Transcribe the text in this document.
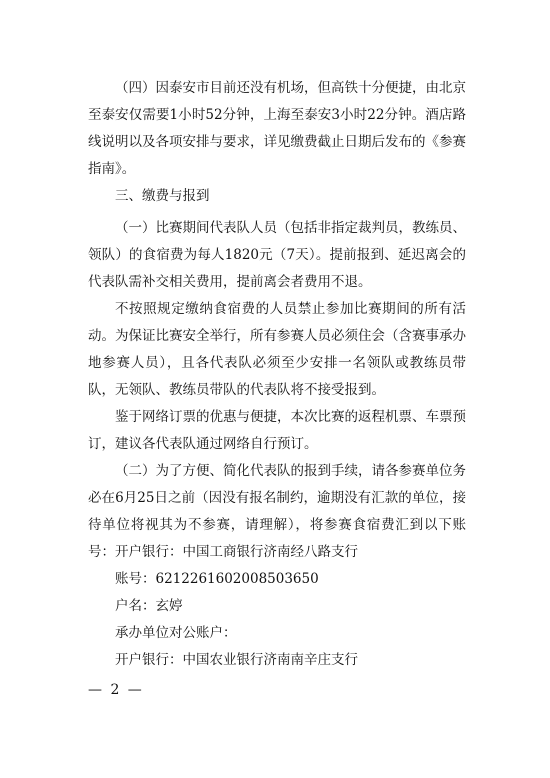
（四）因泰安市目前还没有机场，但高铁十分便捷，由北京至泰安仅需要1小时52分钟，上海至泰安3小时22分钟。酒店路线说明以及各项安排与要求，详见缴费截止日期后发布的《参赛指南》。

三、缴费与报到

（一）比赛期间代表队人员（包括非指定裁判员，教练员、领队）的食宿费为每人1820元（7天）。提前报到、延迟离会的代表队需补交相关费用，提前离会者费用不退。

不按照规定缴纳食宿费的人员禁止参加比赛期间的所有活动。为保证比赛安全举行，所有参赛人员必须住会（含赛事承办地参赛人员），且各代表队必须至少安排一名领队或教练员带队，无领队、教练员带队的代表队将不接受报到。

鉴于网络订票的优惠与便捷，本次比赛的返程机票、车票预订，建议各代表队通过网络自行预订。

（二）为了方便、简化代表队的报到手续，请各参赛单位务必在6月25日之前（因没有报名制约，逾期没有汇款的单位，接待单位将视其为不参赛，请理解），将参赛食宿费汇到以下账号：开户银行：中国工商银行济南经八路支行

账号：6212261602008503650
户名：玄婷
承办单位对公账户：
开户银行：中国农业银行济南南辛庄支行
— 2 —
